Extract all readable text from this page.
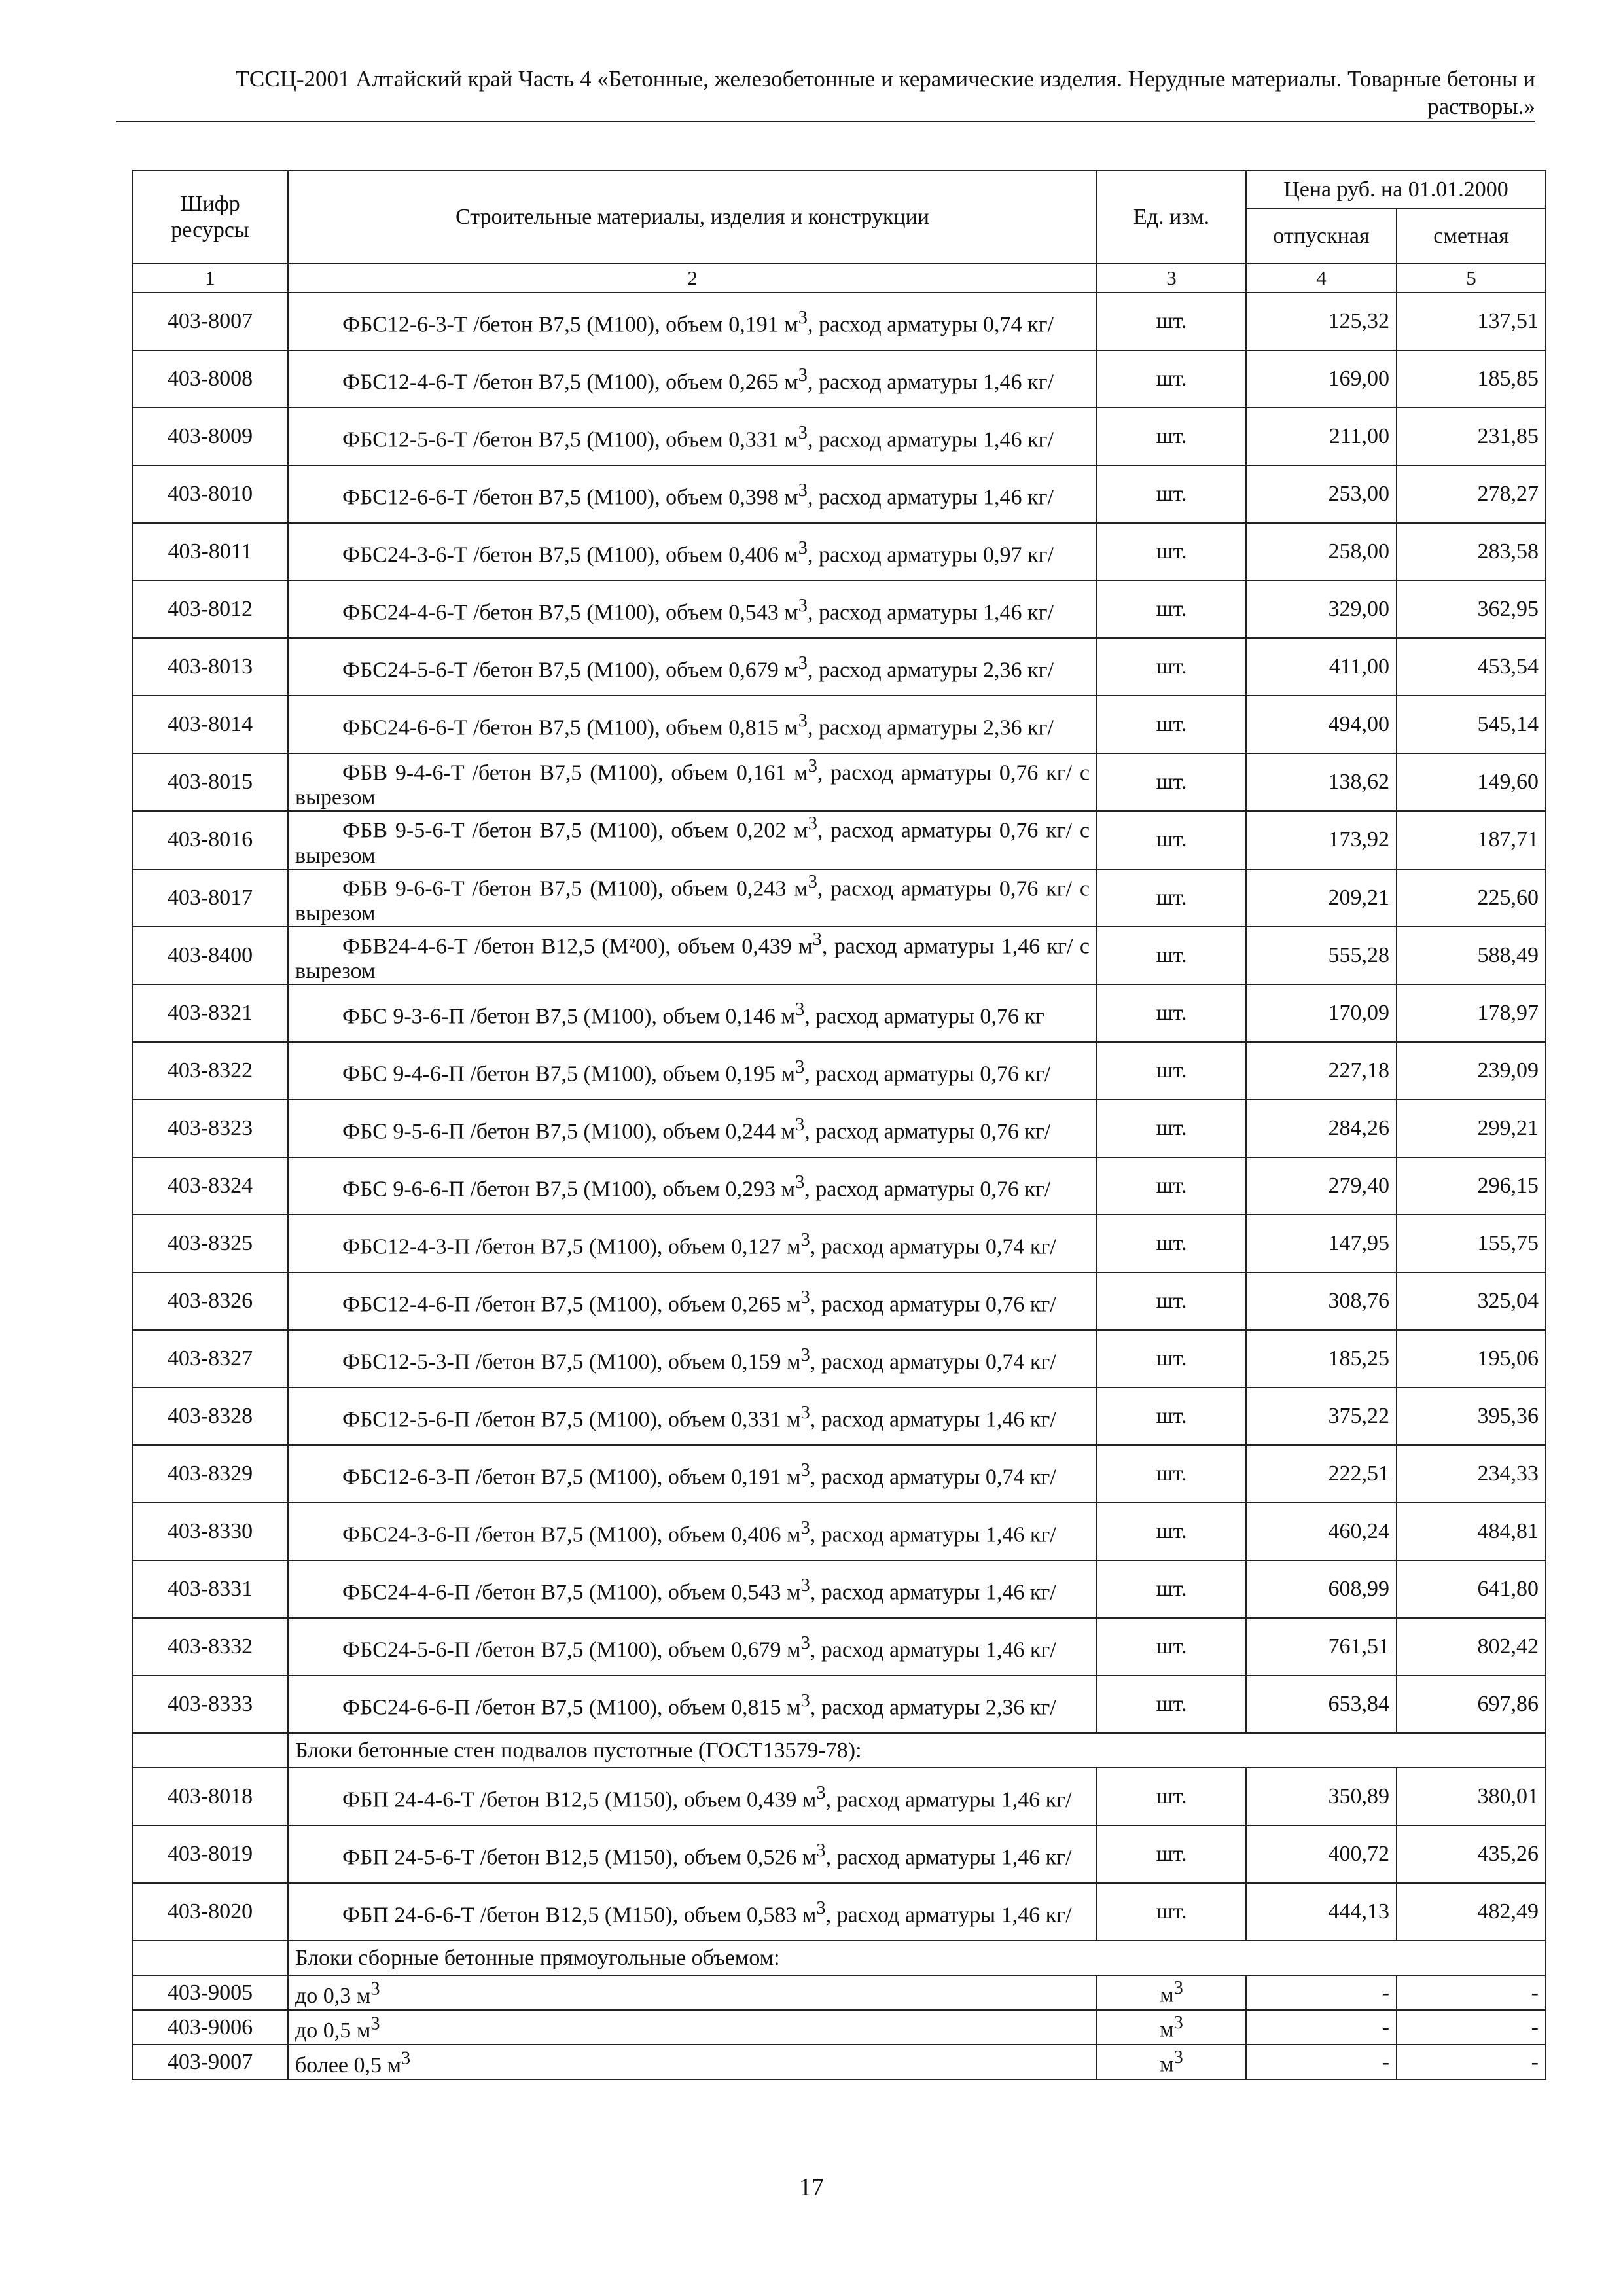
ТССЦ-2001 Алтайский край Часть 4 «Бетонные, железобетонные и керамические изделия. Нерудные материалы. Товарные бетоны и
растворы.»
Шифр ресурсы	Строительные материалы, изделия и конструкции	Ед. изм.	Цена руб. на 01.01.2000	
			отпускная	сметная
1	2	3	4	5
403-8007	ФБС12-6-3-Т /бетон В7,5 (М100), объем 0,191 $м^3$, расход арматуры 0,74 кг/	шт.	125,32	137,51
403-8008	ФБС12-4-6-Т /бетон В7,5 (М100), объем 0,265 $м^3$, расход арматуры 1,46 кг/	шт.	169,00	185,85
403-8009	ФБС12-5-6-Т /бетон В7,5 (М100), объем 0,331 $м^3$, расход арматуры 1,46 кг/	шт.	211,00	231,85
403-8010	ФБС12-6-6-Т /бетон В7,5 (М100), объем 0,398 $м^3$, расход арматуры 1,46 кг/	шт.	253,00	278,27
403-8011	ФБС24-3-6-Т /бетон В7,5 (М100), объем 0,406 $м^3$, расход арматуры 0,97 кг/	шт.	258,00	283,58
403-8012	ФБС24-4-6-Т /бетон В7,5 (М100), объем 0,543 $м^3$, расход арматуры 1,46 кг/	шт.	329,00	362,95
403-8013	ФБС24-5-6-Т /бетон В7,5 (М100), объем 0,679 $м^3$, расход арматуры 2,36 кг/	шт.	411,00	453,54
403-8014	ФБС24-6-6-Т /бетон В7,5 (М100), объем 0,815 $м^3$, расход арматуры 2,36 кг/	шт.	494,00	545,14
403-8015	ФБВ 9-4-6-Т /бетон В7,5 (М100), объем 0,161 $м^3$, расход арматуры 0,76 кг/ с вырезом	шт.	138,62	149,60
403-8016	ФБВ 9-5-6-Т /бетон В7,5 (М100), объем 0,202 $м^3$, расход арматуры 0,76 кг/ с вырезом	шт.	173,92	187,71
403-8017	ФБВ 9-6-6-Т /бетон В7,5 (М100), объем 0,243 $м^3$, расход арматуры 0,76 кг/ с вырезом	шт.	209,21	225,60
403-8400	ФБВ24-4-6-Т /бетон В12,5 (М²00), объем 0,439 $м^3$, расход арматуры 1,46 кг/ с вырезом	шт.	555,28	588,49
403-8321	ФБС 9-3-6-П /бетон В7,5 (М100), объем 0,146 $м^3$, расход арматуры 0,76 кг	шт.	170,09	178,97
403-8322	ФБС 9-4-6-П /бетон В7,5 (М100), объем 0,195 $м^3$, расход арматуры 0,76 кг/	шт.	227,18	239,09
403-8323	ФБС 9-5-6-П /бетон В7,5 (М100), объем 0,244 $м^3$, расход арматуры 0,76 кг/	шт.	284,26	299,21
403-8324	ФБС 9-6-6-П /бетон В7,5 (М100), объем 0,293 $м^3$, расход арматуры 0,76 кг/	шт.	279,40	296,15
403-8325	ФБС12-4-3-П /бетон В7,5 (М100), объем 0,127 $м^3$, расход арматуры 0,74 кг/	шт.	147,95	155,75
403-8326	ФБС12-4-6-П /бетон В7,5 (М100), объем 0,265 $м^3$, расход арматуры 0,76 кг/	шт.	308,76	325,04
403-8327	ФБС12-5-3-П /бетон В7,5 (М100), объем 0,159 $м^3$, расход арматуры 0,74 кг/	шт.	185,25	195,06
403-8328	ФБС12-5-6-П /бетон В7,5 (М100), объем 0,331 $м^3$, расход арматуры 1,46 кг/	шт.	375,22	395,36
403-8329	ФБС12-6-3-П /бетон В7,5 (М100), объем 0,191 $м^3$, расход арматуры 0,74 кг/	шт.	222,51	234,33
403-8330	ФБС24-3-6-П /бетон В7,5 (М100), объем 0,406 $м^3$, расход арматуры 1,46 кг/	шт.	460,24	484,81
403-8331	ФБС24-4-6-П /бетон В7,5 (М100), объем 0,543 $м^3$, расход арматуры 1,46 кг/	шт.	608,99	641,80
403-8332	ФБС24-5-6-П /бетон В7,5 (М100), объем 0,679 $м^3$, расход арматуры 1,46 кг/	шт.	761,51	802,42
403-8333	ФБС24-6-6-П /бетон В7,5 (М100), объем 0,815 $м^3$, расход арматуры 2,36 кг/	шт.	653,84	697,86
	Блоки бетонные стен подвалов пустотные (ГОСТ13579-78):			
403-8018	ФБП 24-4-6-Т /бетон В12,5 (М150), объем 0,439 $м^3$, расход арматуры 1,46 кг/	шт.	350,89	380,01
403-8019	ФБП 24-5-6-Т /бетон В12,5 (М150), объем 0,526 $м^3$, расход арматуры 1,46 кг/	шт.	400,72	435,26
403-8020	ФБП 24-6-6-Т /бетон В12,5 (М150), объем 0,583 $м^3$, расход арматуры 1,46 кг/	шт.	444,13	482,49
	Блоки сборные бетонные прямоугольные объемом:			
403-9005	до 0,3 $м^3$	$м^3$	-	-
403-9006	до 0,5 $м^3$	$м^3$	-	-
403-9007	более 0,5 $м^3$	$м^3$	-	-
17
